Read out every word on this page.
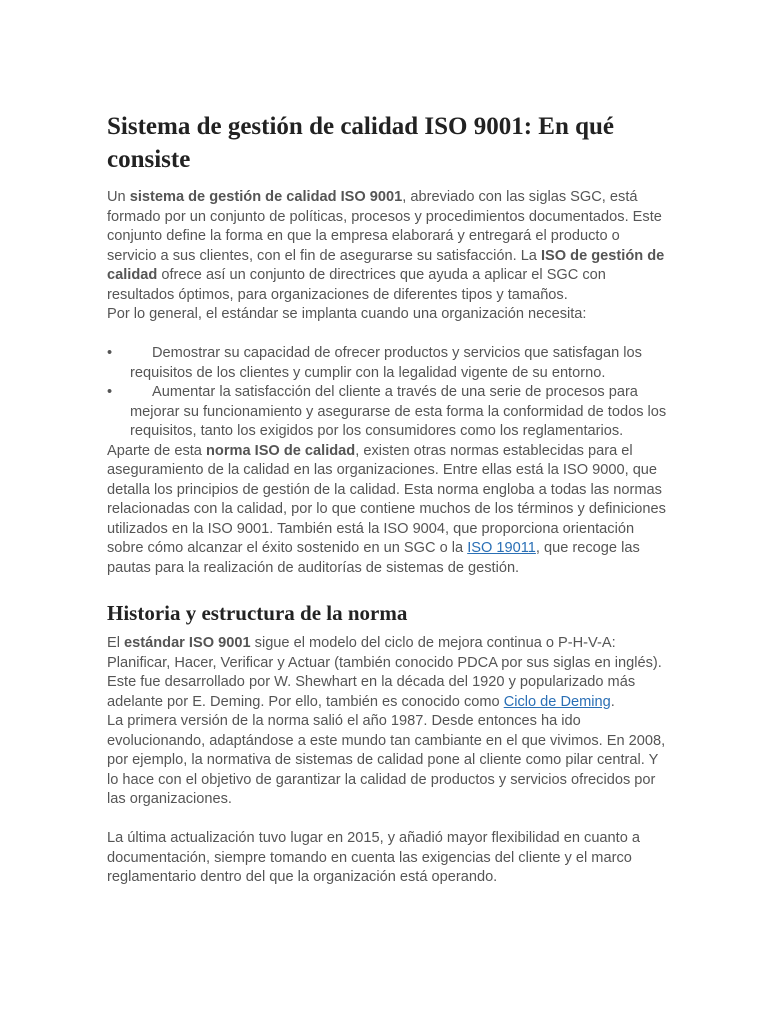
Sistema de gestión de calidad ISO 9001: En qué consiste

Un sistema de gestión de calidad ISO 9001, abreviado con las siglas SGC, está formado por un conjunto de políticas, procesos y procedimientos documentados. Este conjunto define la forma en que la empresa elaborará y entregará el producto o servicio a sus clientes, con el fin de asegurarse su satisfacción. La ISO de gestión de calidad ofrece así un conjunto de directrices que ayuda a aplicar el SGC con resultados óptimos, para organizaciones de diferentes tipos y tamaños.

Por lo general, el estándar se implanta cuando una organización necesita:

•	Demostrar su capacidad de ofrecer productos y servicios que satisfagan los requisitos de los clientes y cumplir con la legalidad vigente de su entorno.
•	Aumentar la satisfacción del cliente a través de una serie de procesos para mejorar su funcionamiento y asegurarse de esta forma la conformidad de todos los requisitos, tanto los exigidos por los consumidores como los reglamentarios.

Aparte de esta norma ISO de calidad, existen otras normas establecidas para el aseguramiento de la calidad en las organizaciones. Entre ellas está la ISO 9000, que detalla los principios de gestión de la calidad. Esta norma engloba a todas las normas relacionadas con la calidad, por lo que contiene muchos de los términos y definiciones utilizados en la ISO 9001. También está la ISO 9004, que proporciona orientación sobre cómo alcanzar el éxito sostenido en un SGC o la ISO 19011, que recoge las pautas para la realización de auditorías de sistemas de gestión.

Historia y estructura de la norma

El estándar ISO 9001 sigue el modelo del ciclo de mejora continua o P-H-V-A: Planificar, Hacer, Verificar y Actuar (también conocido PDCA por sus siglas en inglés). Este fue desarrollado por W. Shewhart en la década del 1920 y popularizado más adelante por E. Deming. Por ello, también es conocido como Ciclo de Deming.

La primera versión de la norma salió el año 1987. Desde entonces ha ido evolucionando, adaptándose a este mundo tan cambiante en el que vivimos. En 2008, por ejemplo, la normativa de sistemas de calidad pone al cliente como pilar central. Y lo hace con el objetivo de garantizar la calidad de productos y servicios ofrecidos por las organizaciones.

La última actualización tuvo lugar en 2015, y añadió mayor flexibilidad en cuanto a documentación, siempre tomando en cuenta las exigencias del cliente y el marco reglamentario dentro del que la organización está operando.
